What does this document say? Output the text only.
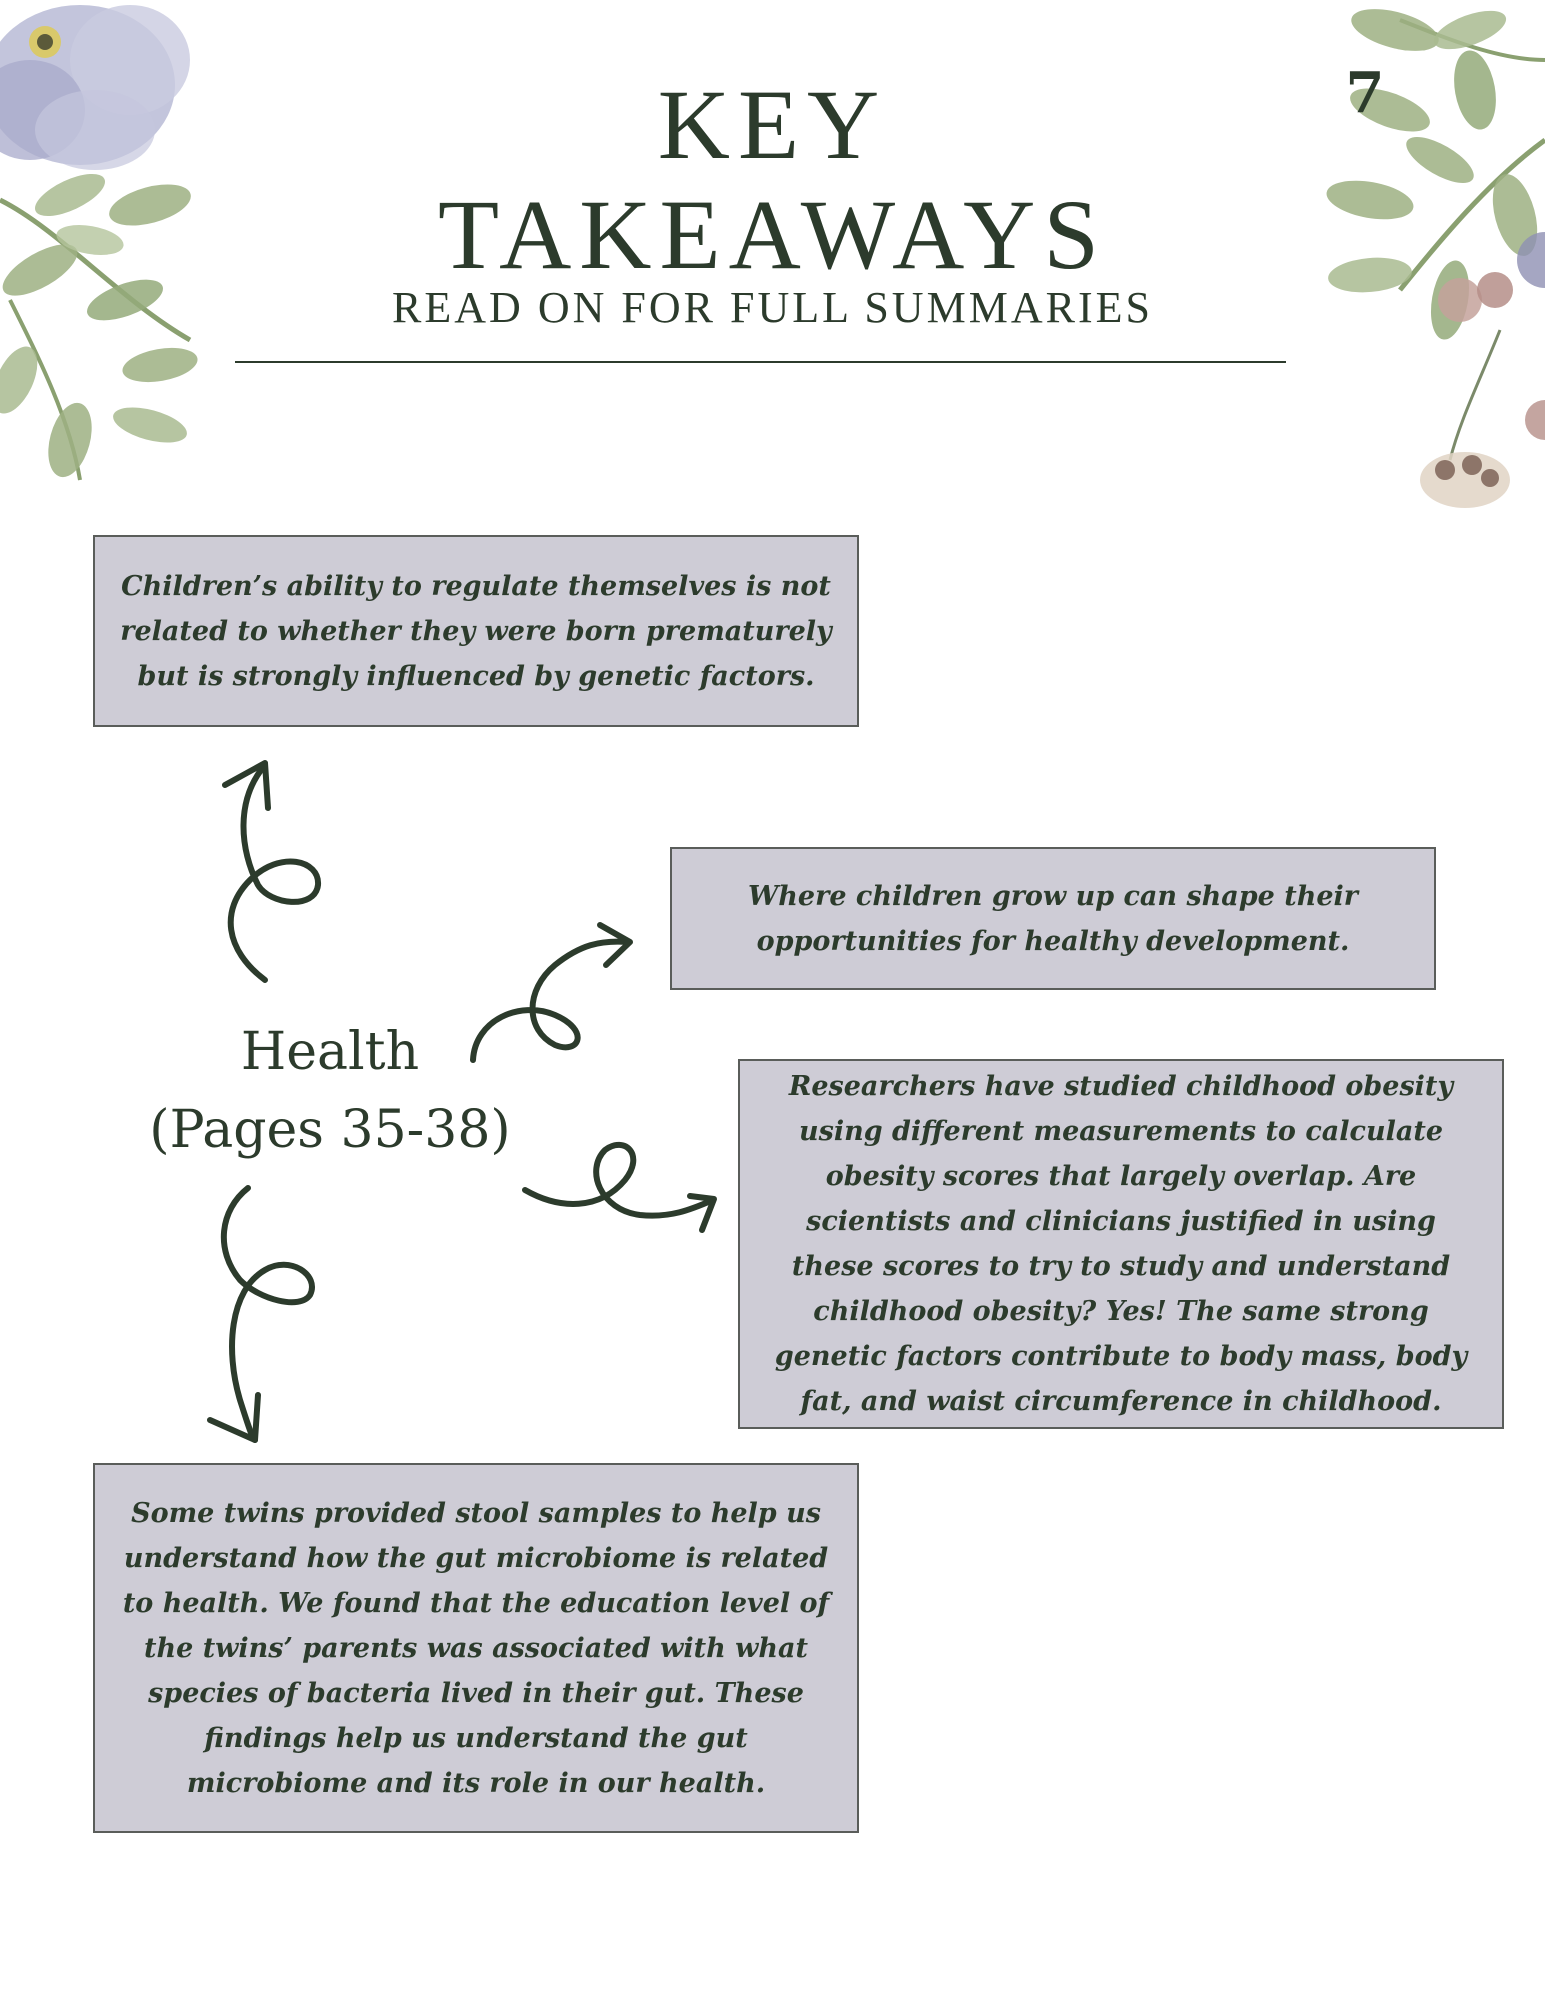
7
KEY
TAKEAWAYS
READ ON FOR FULL SUMMARIES

Children’s ability to regulate themselves is not related to whether they were born prematurely but is strongly influenced by genetic factors.

Where children grow up can shape their opportunities for healthy development.

Researchers have studied childhood obesity using different measurements to calculate obesity scores that largely overlap. Are scientists and clinicians justified in using these scores to try to study and understand childhood obesity? Yes! The same strong genetic factors contribute to body mass, body fat, and waist circumference in childhood.

Some twins provided stool samples to help us understand how the gut microbiome is related to health. We found that the education level of the twins’ parents was associated with what species of bacteria lived in their gut. These findings help us understand the gut microbiome and its role in our health.

Health
(Pages 35-38)
